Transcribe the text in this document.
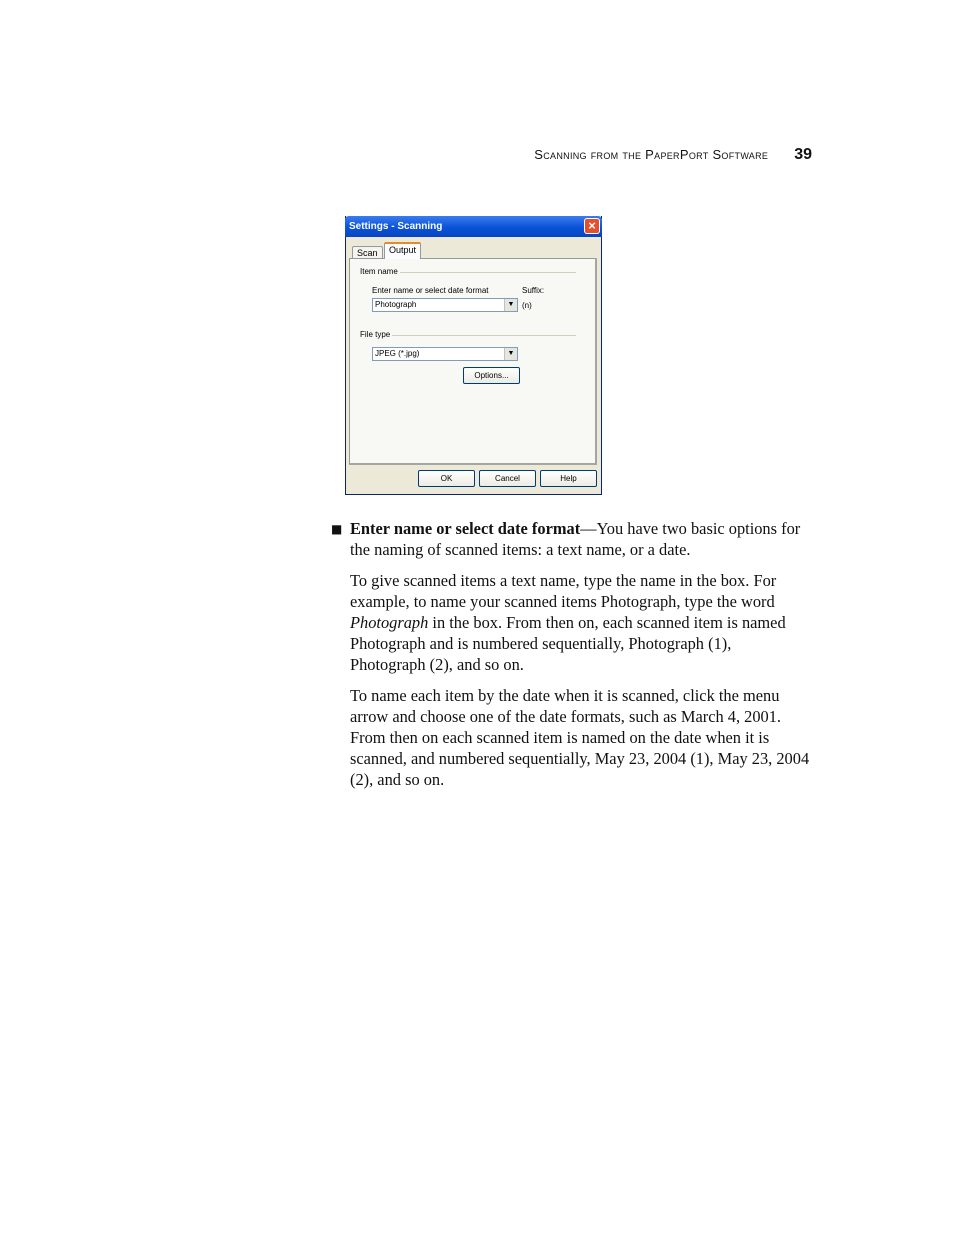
Scanning from the PaperPort Software 39
Settings - Scanning	×
Scan	Output
Item name
Enter name or select date format	Suffix:
Photograph	▼ (n)
File type
JPEG (*.jpg)	▼
Options...
OK	Cancel	Help
■ Enter name or select date format—You have two basic options for the naming of scanned items: a text name, or a date.

To give scanned items a text name, type the name in the box. For example, to name your scanned items Photograph, type the word Photograph in the box. From then on, each scanned item is named Photograph and is numbered sequentially, Photograph (1), Photograph (2), and so on.

To name each item by the date when it is scanned, click the menu arrow and choose one of the date formats, such as March 4, 2001. From then on each scanned item is named on the date when it is scanned, and numbered sequentially, May 23, 2004 (1), May 23, 2004 (2), and so on.
